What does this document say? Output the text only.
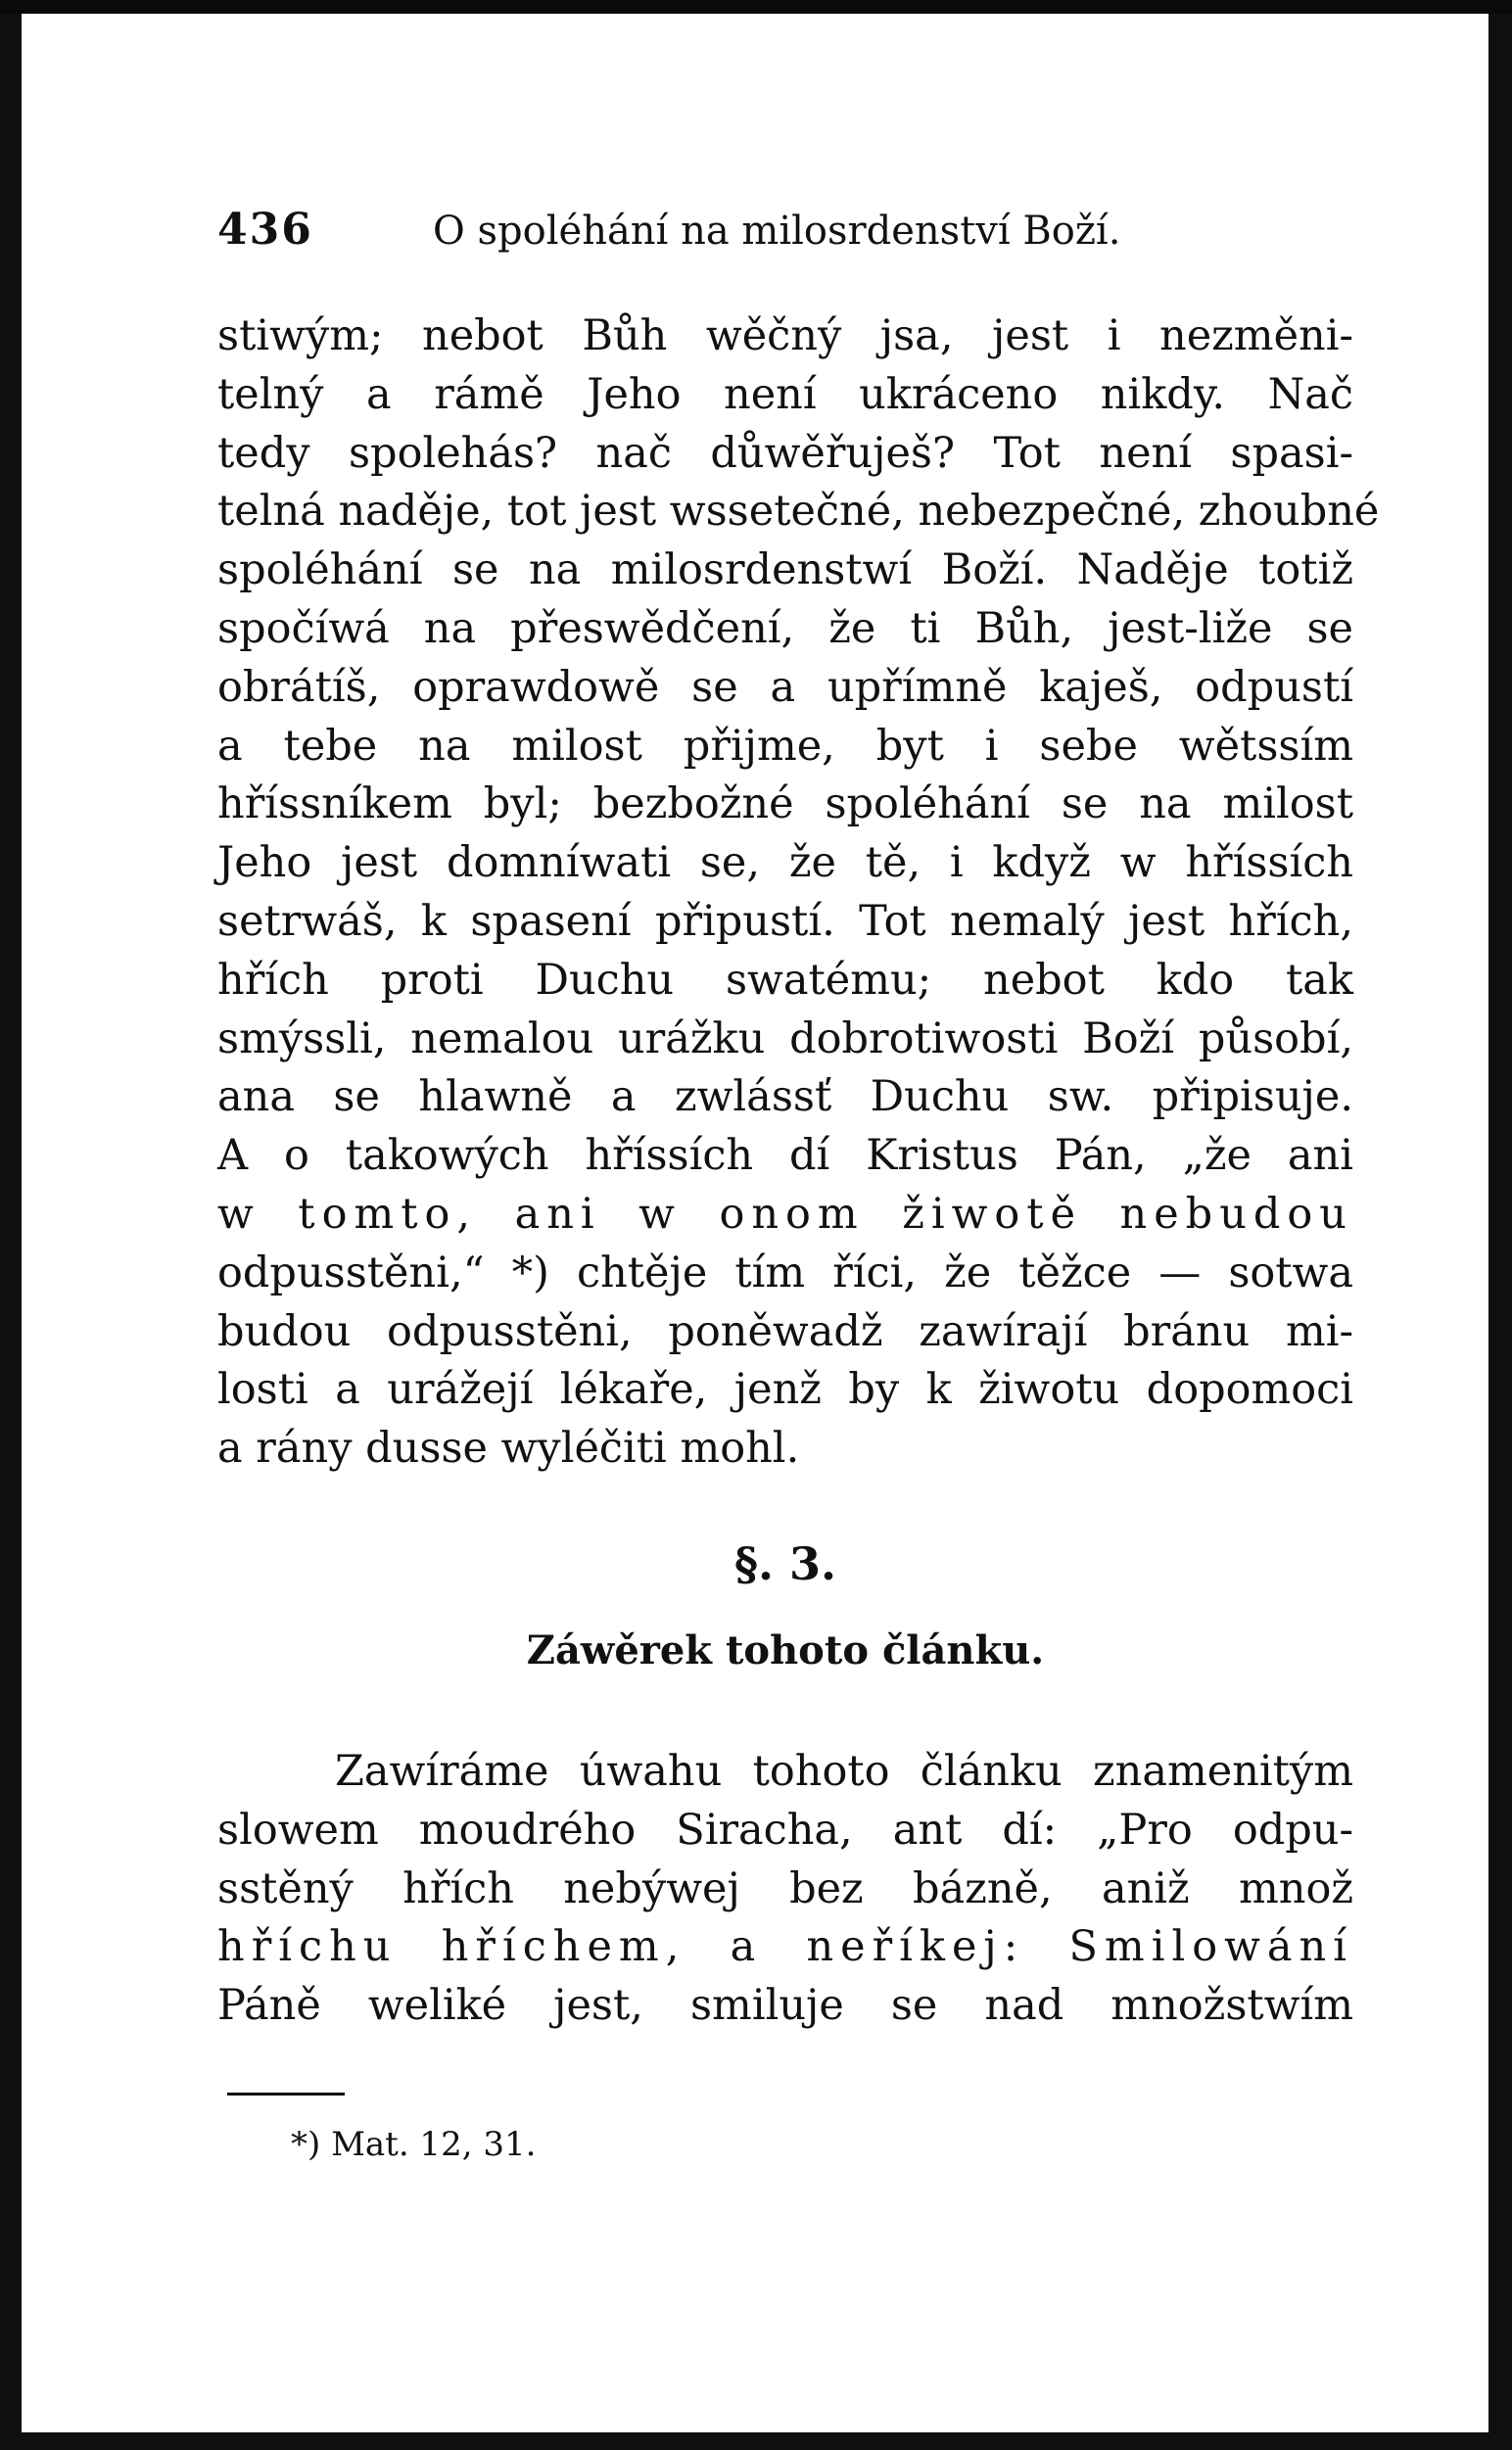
436	O spoléhání na milosrdenství Boží.
stiwým; nebot Bůh wěčný jsa, jest i nezměni-
telný a rámě Jeho není ukráceno nikdy. Nač
tedy spolehás? nač důwěřuješ? Tot není spasi-
telná naděje, tot jest wssetečné, nebezpečné, zhoubné
spoléhání se na milosrdenstwí Boží. Naděje totiž
spočíwá na přeswědčení, že ti Bůh, jest-liže se
obrátíš, oprawdowě se a upřímně kaješ, odpustí
a tebe na milost přijme, byt i sebe wětssím
hříssníkem byl; bezbožné spoléhání se na milost
Jeho jest domníwati se, že tě, i když w hříssích
setrwáš, k spasení připustí. Tot nemalý jest hřích,
hřích proti Duchu swatému; nebot kdo tak
smýssli, nemalou urážku dobrotiwosti Boží působí,
ana se hlawně a zwlássť Duchu sw. připisuje.
A o takowých hříssích dí Kristus Pán, „že ani
w tomto, ani w onom žiwotě nebudou
odpusstěni,“ *) chtěje tím říci, že těžce — sotwa
budou odpusstěni, poněwadž zawírají bránu mi-
losti a urážejí lékaře, jenž by k žiwotu dopomoci
a rány dusse wyléčiti mohl.
§. 3.
Záwěrek tohoto článku.
Zawíráme úwahu tohoto článku znamenitým
slowem moudrého Siracha, ant dí: „Pro odpu-
sstěný hřích nebýwej bez bázně, aniž množ
hříchu hříchem, a neříkej: Smilowání
Páně weliké jest, smiluje se nad množstwím
*) Mat. 12, 31.
